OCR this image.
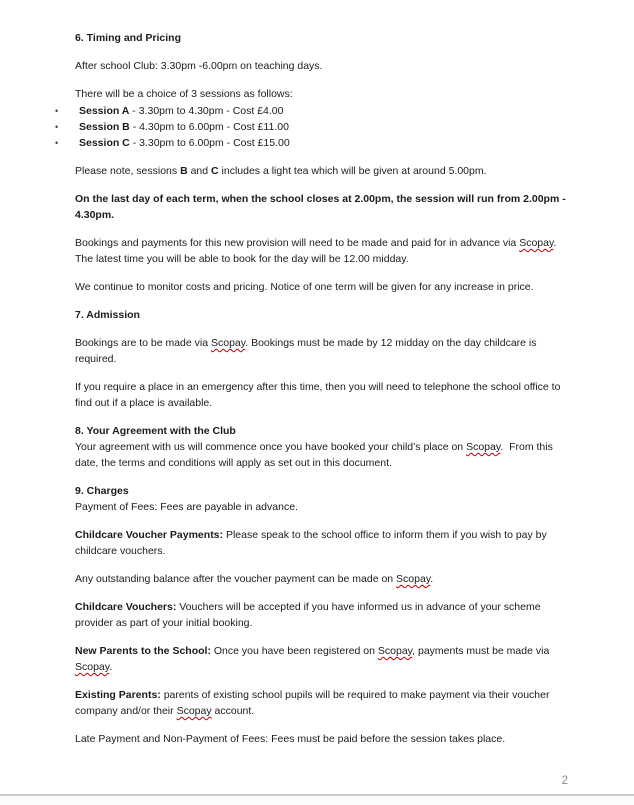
6. Timing and Pricing
After school Club: 3.30pm -6.00pm on teaching days.
There will be a choice of 3 sessions as follows:
• Session A - 3.30pm to 4.30pm - Cost £4.00
• Session B - 4.30pm to 6.00pm - Cost £11.00
• Session C - 3.30pm to 6.00pm - Cost £15.00
Please note, sessions B and C includes a light tea which will be given at around 5.00pm.
On the last day of each term, when the school closes at 2.00pm, the session will run from 2.00pm - 4.30pm.
Bookings and payments for this new provision will need to be made and paid for in advance via Scopay. The latest time you will be able to book for the day will be 12.00 midday.
We continue to monitor costs and pricing. Notice of one term will be given for any increase in price.
7. Admission
Bookings are to be made via Scopay. Bookings must be made by 12 midday on the day childcare is required.
If you require a place in an emergency after this time, then you will need to telephone the school office to find out if a place is available.
8. Your Agreement with the Club
Your agreement with us will commence once you have booked your child’s place on Scopay.  From this date, the terms and conditions will apply as set out in this document.
9. Charges
Payment of Fees: Fees are payable in advance.
Childcare Voucher Payments: Please speak to the school office to inform them if you wish to pay by childcare vouchers.
Any outstanding balance after the voucher payment can be made on Scopay.
Childcare Vouchers: Vouchers will be accepted if you have informed us in advance of your scheme provider as part of your initial booking.
New Parents to the School: Once you have been registered on Scopay, payments must be made via Scopay.
Existing Parents: parents of existing school pupils will be required to make payment via their voucher company and/or their Scopay account.
Late Payment and Non-Payment of Fees: Fees must be paid before the session takes place.
2
